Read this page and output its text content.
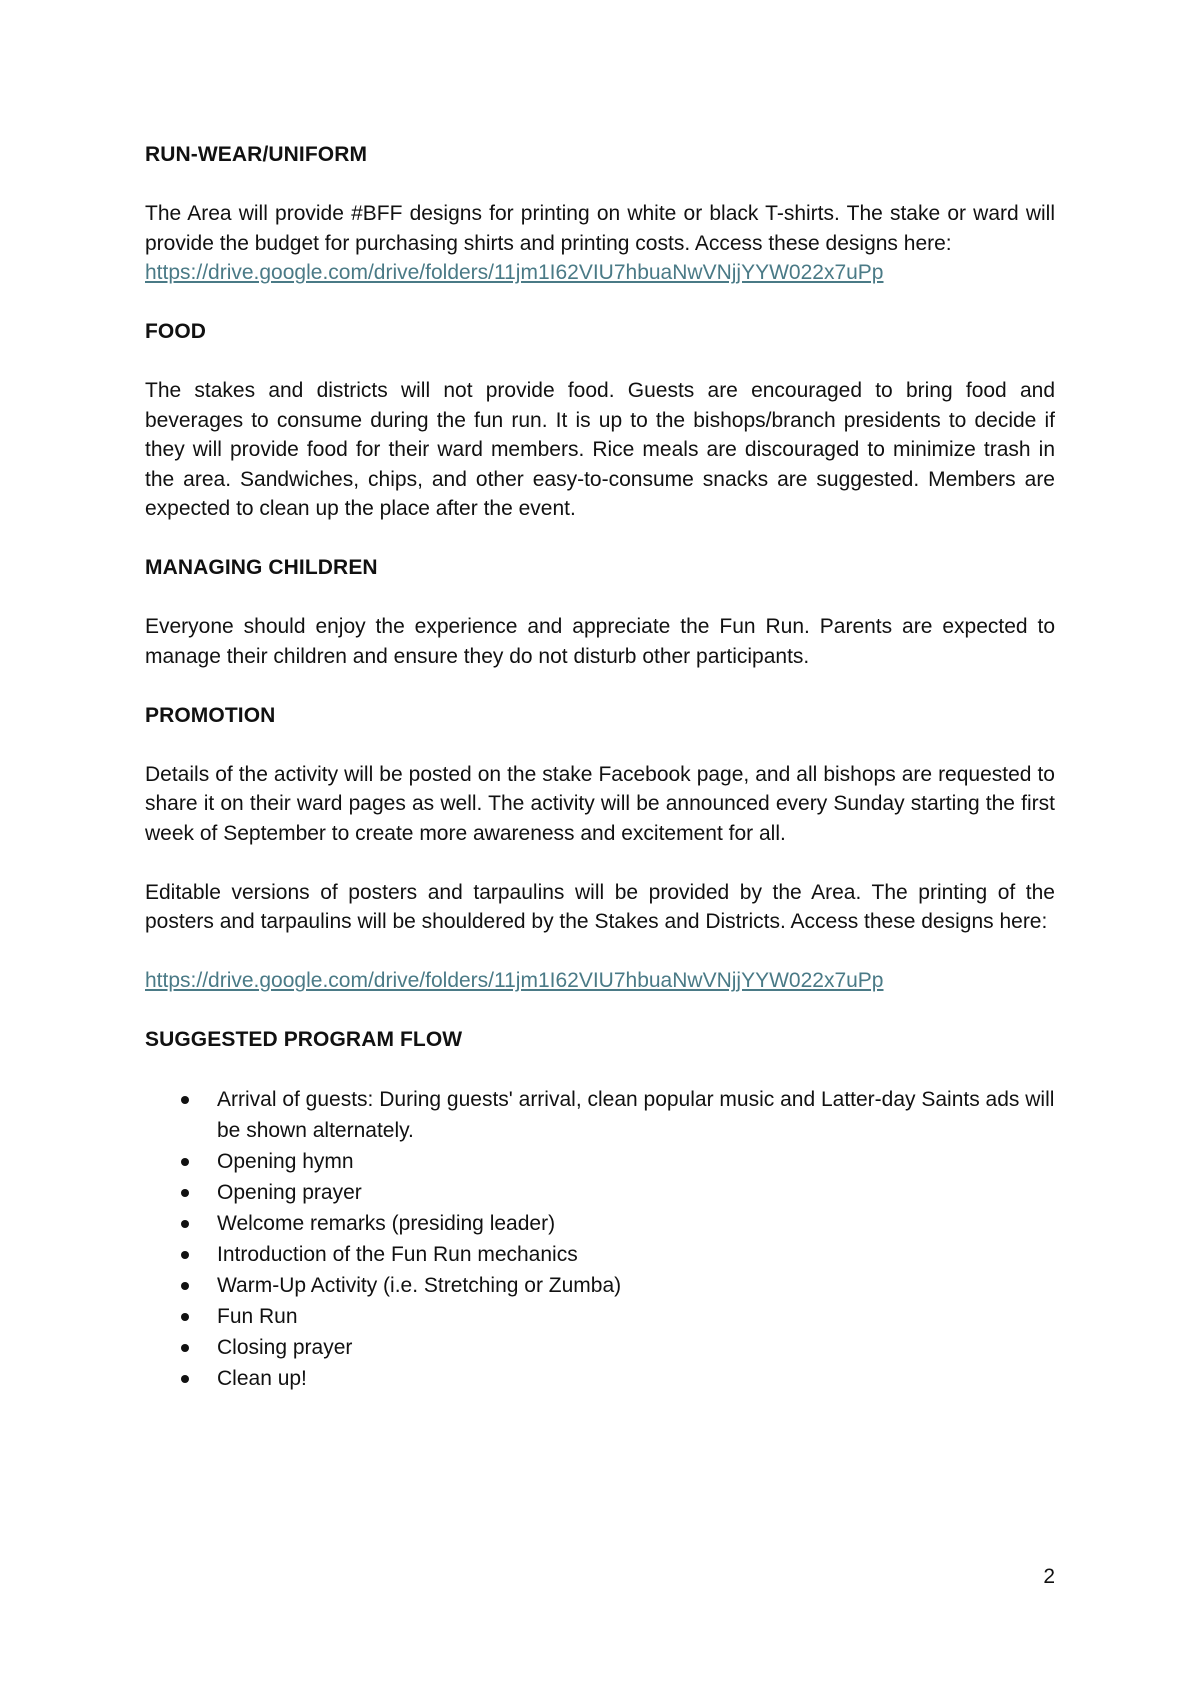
RUN-WEAR/UNIFORM

The Area will provide #BFF designs for printing on white or black T-shirts. The stake or ward will provide the budget for purchasing shirts and printing costs. Access these designs here:

https://drive.google.com/drive/folders/11jm1I62VIU7hbuaNwVNjjYYW022x7uPp

FOOD

The stakes and districts will not provide food. Guests are encouraged to bring food and beverages to consume during the fun run. It is up to the bishops/branch presidents to decide if they will provide food for their ward members. Rice meals are discouraged to minimize trash in the area. Sandwiches, chips, and other easy-to-consume snacks are suggested. Members are expected to clean up the place after the event.

MANAGING CHILDREN

Everyone should enjoy the experience and appreciate the Fun Run. Parents are expected to manage their children and ensure they do not disturb other participants.

PROMOTION

Details of the activity will be posted on the stake Facebook page, and all bishops are requested to share it on their ward pages as well. The activity will be announced every Sunday starting the first week of September to create more awareness and excitement for all.

Editable versions of posters and tarpaulins will be provided by the Area. The printing of the posters and tarpaulins will be shouldered by the Stakes and Districts. Access these designs here:

https://drive.google.com/drive/folders/11jm1I62VIU7hbuaNwVNjjYYW022x7uPp

SUGGESTED PROGRAM FLOW

Arrival of guests: During guests' arrival, clean popular music and Latter-day Saints ads will be shown alternately.
Opening hymn
Opening prayer
Welcome remarks (presiding leader)
Introduction of the Fun Run mechanics
Warm-Up Activity (i.e. Stretching or Zumba)
Fun Run
Closing prayer
Clean up!
2
